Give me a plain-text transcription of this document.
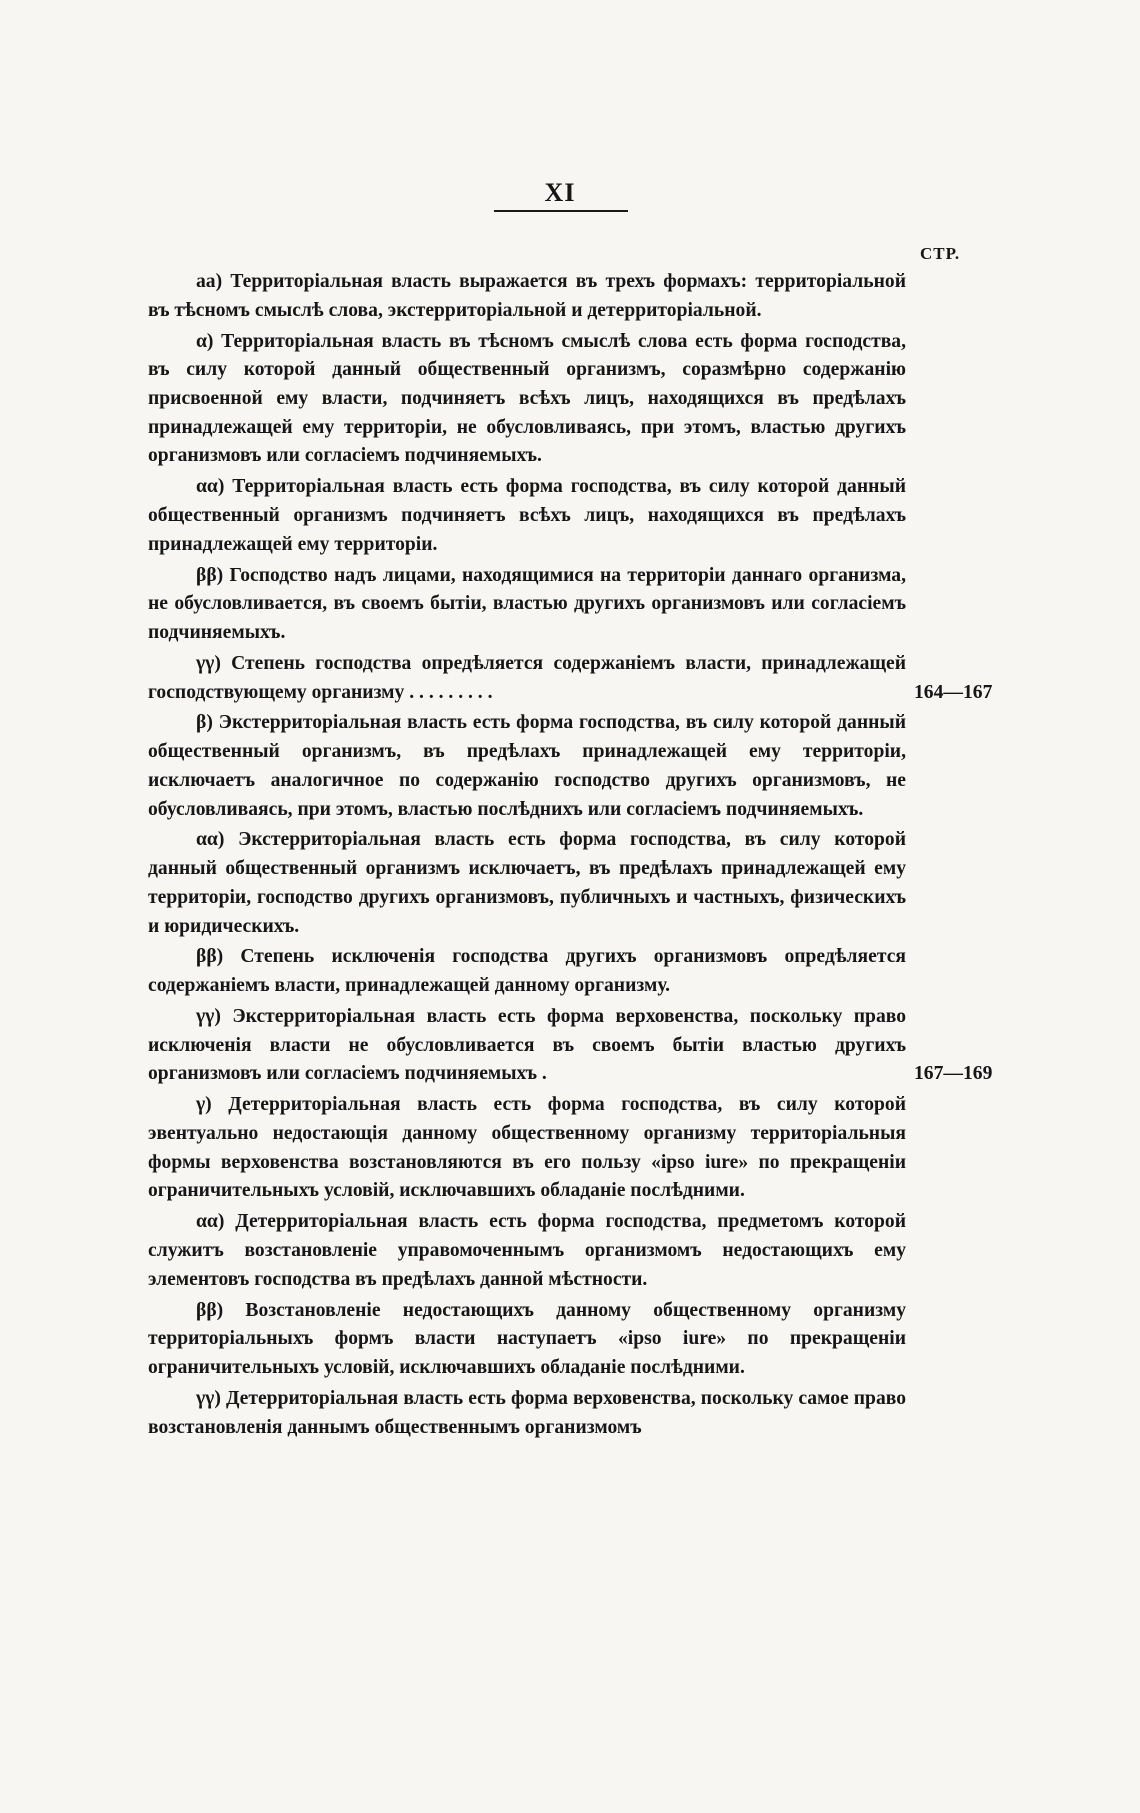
XI
СТР.

аа) Территоріальная власть выражается въ трехъ формахъ: территоріальной въ тѣсномъ смыслѣ слова, экстерриторіальной и детерриторіальной.

α) Территоріальная власть въ тѣсномъ смыслѣ слова есть форма господства, въ силу которой данный общественный организмъ, соразмѣрно содержанію присвоенной ему власти, подчиняетъ всѣхъ лицъ, находящихся въ предѣлахъ принадлежащей ему территоріи, не обусловливаясь, при этомъ, властью другихъ организмовъ или согласіемъ подчиняемыхъ.

αα) Территоріальная власть есть форма господства, въ силу которой данный общественный организмъ подчиняетъ всѣхъ лицъ, находящихся въ предѣлахъ принадлежащей ему территоріи.

ββ) Господство надъ лицами, находящимися на территоріи даннаго организма, не обусловливается, въ своемъ бытіи, властью другихъ организмовъ или согласіемъ подчиняемыхъ.

γγ) Степень господства опредѣляется содержаніемъ власти, принадлежащей господствующему организму . . . . . . . . .	164—167

β) Экстерриторіальная власть есть форма господства, въ силу которой данный общественный организмъ, въ предѣлахъ принадлежащей ему территоріи, исключаетъ аналогичное по содержанію господство другихъ организмовъ, не обусловливаясь, при этомъ, властью послѣднихъ или согласіемъ подчиняемыхъ.

αα) Экстерриторіальная власть есть форма господства, въ силу которой данный общественный организмъ исключаетъ, въ предѣлахъ принадлежащей ему территоріи, господство другихъ организмовъ, публичныхъ и частныхъ, физическихъ и юридическихъ.

ββ) Степень исключенія господства другихъ организмовъ опредѣляется содержаніемъ власти, принадлежащей данному организму.

γγ) Экстерриторіальная власть есть форма верховенства, поскольку право исключенія власти не обусловливается въ своемъ бытіи властью другихъ организмовъ или согласіемъ подчиняемыхъ .	167—169

γ) Детерриторіальная власть есть форма господства, въ силу которой эвентуально недостающія данному общественному организму территоріальныя формы верховенства возстановляются въ его пользу «ipso iure» по прекращеніи ограничительныхъ условій, исключавшихъ обладаніе послѣдними.

αα) Детерриторіальная власть есть форма господства, предметомъ которой служитъ возстановленіе управомоченнымъ организмомъ недостающихъ ему элементовъ господства въ предѣлахъ данной мѣстности.

ββ) Возстановленіе недостающихъ данному общественному организму территоріальныхъ формъ власти наступаетъ «ipso iure» по прекращеніи ограничительныхъ условій, исключавшихъ обладаніе послѣдними.

γγ) Детерриторіальная власть есть форма верховенства, поскольку самое право возстановленія даннымъ общественнымъ организмомъ
